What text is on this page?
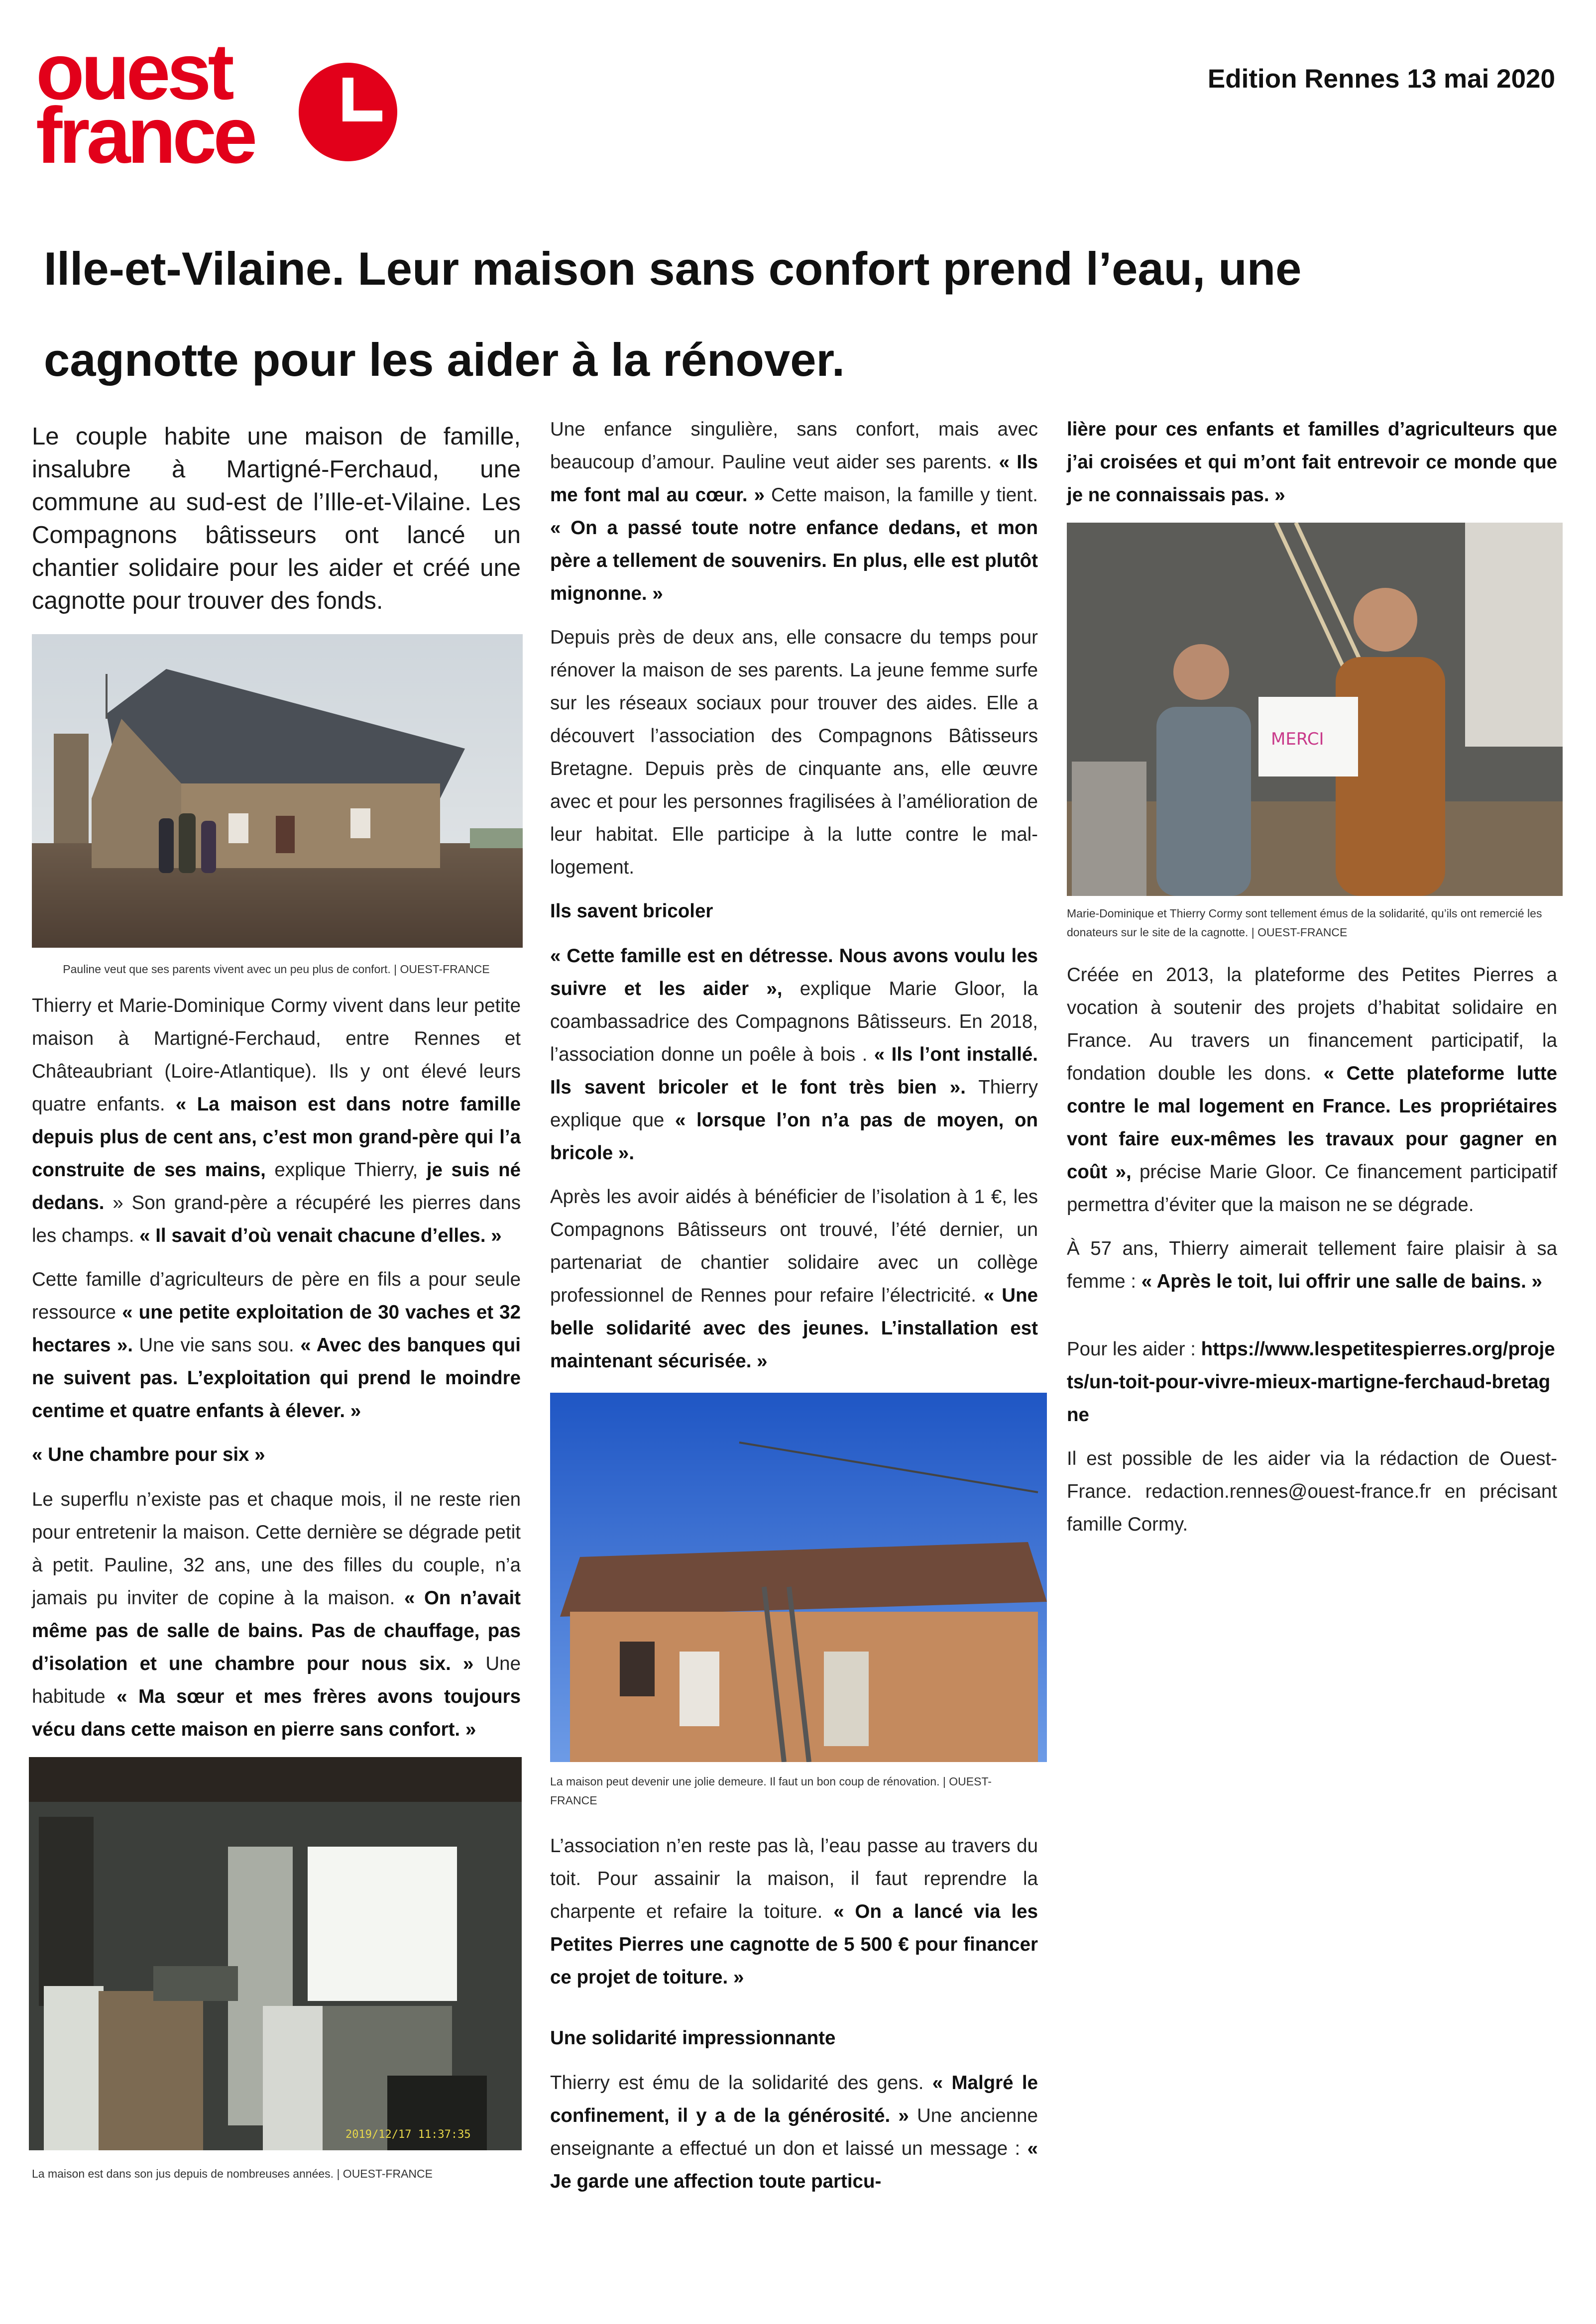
ouest
france
Edition Rennes 13 mai 2020
Ille-et-Vilaine. Leur maison sans confort prend l’eau, une cagnotte pour les aider à la rénover.

Le couple habite une maison de famille, insalubre à Martigné-Ferchaud, une commune au sud-est de l’Ille-et-Vilaine. Les Compagnons bâtisseurs ont lancé un chantier solidaire pour les aider et créé une cagnotte pour trouver des fonds.

Pauline veut que ses parents vivent avec un peu plus de confort. | OUEST-FRANCE

Thierry et Marie-Dominique Cormy vivent dans leur petite maison à Martigné-Ferchaud, entre Rennes et Châteaubriant (Loire-Atlantique). Ils y ont élevé leurs quatre enfants. « La maison est dans notre famille depuis plus de cent ans, c’est mon grand-père qui l’a construite de ses mains, explique Thierry, je suis né dedans. » Son grand-père a récupéré les pierres dans les champs. « Il savait d’où venait chacune d’elles. »

Cette famille d’agriculteurs de père en fils a pour seule ressource « une petite exploitation de 30 vaches et 32 hectares ». Une vie sans sou. « Avec des banques qui ne suivent pas. L’exploitation qui prend le moindre centime et quatre enfants à élever. »

« Une chambre pour six »

Le superflu n’existe pas et chaque mois, il ne reste rien pour entretenir la maison. Cette dernière se dégrade petit à petit. Pauline, 32 ans, une des filles du couple, n’a jamais pu inviter de copine à la maison. « On n’avait même pas de salle de bains. Pas de chauffage, pas d’isolation et une chambre pour nous six. » Une habitude « Ma sœur et mes frères avons toujours vécu dans cette maison en pierre sans confort. »

2019/12/17 11:37:35

La maison est dans son jus depuis de nombreuses années. | OUEST-FRANCE

Une enfance singulière, sans confort, mais avec beaucoup d’amour. Pauline veut aider ses parents. « Ils me font mal au cœur. » Cette maison, la famille y tient. « On a passé toute notre enfance dedans, et mon père a tellement de souvenirs. En plus, elle est plutôt mignonne. »

Depuis près de deux ans, elle consacre du temps pour rénover la maison de ses parents. La jeune femme surfe sur les réseaux sociaux pour trouver des aides. Elle a découvert l’association des Compagnons Bâtisseurs Bretagne. Depuis près de cinquante ans, elle œuvre avec et pour les personnes fragilisées à l’amélioration de leur habitat. Elle participe à la lutte contre le mal-logement.

Ils savent bricoler

« Cette famille est en détresse. Nous avons voulu les suivre et les aider », explique Marie Gloor, la coambassadrice des Compagnons Bâtisseurs. En 2018, l’association donne un poêle à bois . « Ils l’ont installé. Ils savent bricoler et le font très bien ». Thierry explique que « lorsque l’on n’a pas de moyen, on bricole ».

Après les avoir aidés à bénéficier de l’isolation à 1 €, les Compagnons Bâtisseurs ont trouvé, l’été dernier, un partenariat de chantier solidaire avec un collège professionnel de Rennes pour refaire l’électricité. « Une belle solidarité avec des jeunes. L’installation est maintenant sécurisée. »

La maison peut devenir une jolie demeure. Il faut un bon coup de rénovation. | OUEST-FRANCE

L’association n’en reste pas là, l’eau passe au travers du toit. Pour assainir la maison, il faut reprendre la charpente et refaire la toiture. « On a lancé via les Petites Pierres une cagnotte de 5 500 € pour financer ce projet de toiture. »

Une solidarité impressionnante

Thierry est ému de la solidarité des gens. « Malgré le confinement, il y a de la générosité. » Une ancienne enseignante a effectué un don et laissé un message : « Je garde une affection toute particu-

lière pour ces enfants et familles d’agriculteurs que j’ai croisées et qui m’ont fait entrevoir ce monde que je ne connaissais pas. »

MERCI

Marie-Dominique et Thierry Cormy sont tellement émus de la solidarité, qu’ils ont remercié les donateurs sur le site de la cagnotte. | OUEST-FRANCE

Créée en 2013, la plateforme des Petites Pierres a vocation à soutenir des projets d’habitat solidaire en France. Au travers un financement participatif, la fondation double les dons. « Cette plateforme lutte contre le mal logement en France. Les propriétaires vont faire eux-mêmes les travaux pour gagner en coût », précise Marie Gloor. Ce financement participatif permettra d’éviter que la maison ne se dégrade.

À 57 ans, Thierry aimerait tellement faire plaisir à sa femme : « Après le toit, lui offrir une salle de bains. »

Pour les aider : https://www.lespetitespierres.org/projets/un-toit-pour-vivre-mieux-martigne-ferchaud-bretagne

Il est possible de les aider via la rédaction de Ouest-France. redaction.rennes@ouest-france.fr en précisant famille Cormy.
